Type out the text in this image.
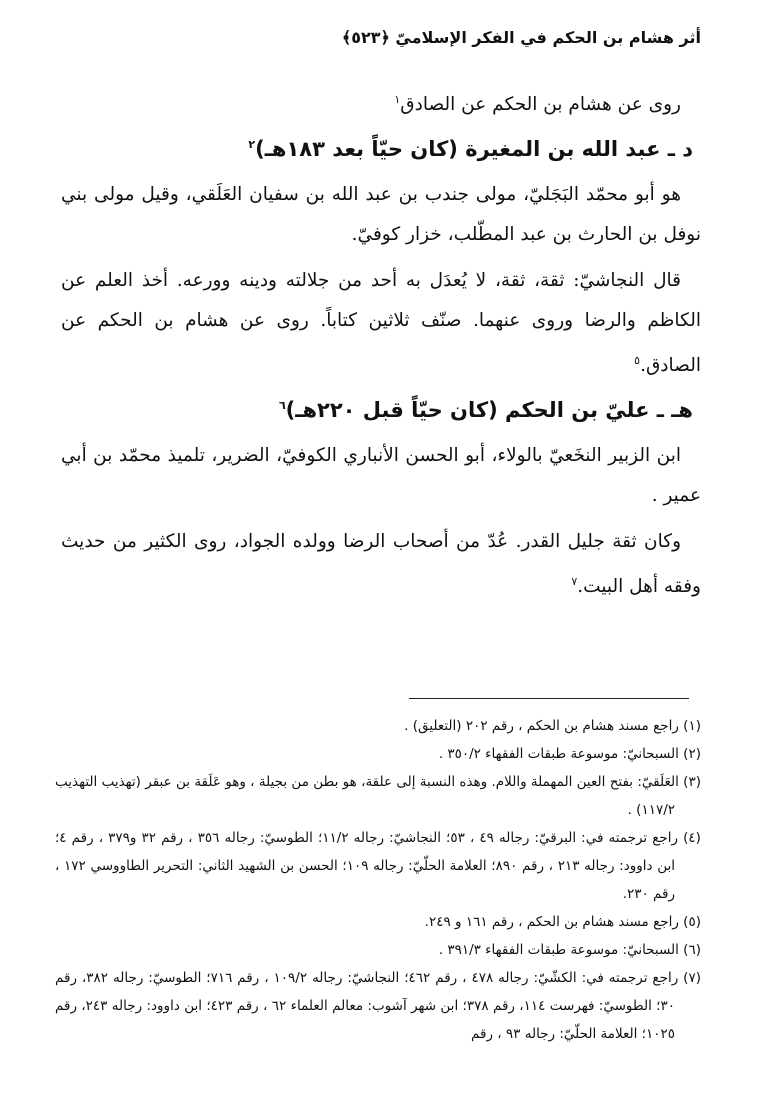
أثر هشام بن الحكم في الفكر الإسلاميّ ﴿٥٢٣﴾
روى عن هشام بن الحكم عن الصادق$^١$
د ـ عبد الله بن المغيرة (كان حيّاً بعد ١٨٣هـ)$^٢$
هو أبو محمّد البَجَليّ، مولى جندب بن عبد الله بن سفيان العَلَقي، وقيل مولى بني نوفل بن الحارث بن عبد المطّلب، خزار كوفيّ.
قال النجاشيّ: ثقة، ثقة، لا يُعدَل به أحد من جلالته ودينه وورعه. أخذ العلم عن الكاظم والرضا وروى عنهما. صنّف ثلاثين كتاباً. روى عن هشام بن الحكم عن الصادق.$^٥$
هـ ـ عليّ بن الحكم (كان حيّاً قبل ٢٢٠هـ)$^٦$
ابن الزبير النخَعيّ بالولاء، أبو الحسن الأنباري الكوفيّ، الضرير، تلميذ محمّد بن أبي عمير .
وكان ثقة جليل القدر. عُدّ من أصحاب الرضا وولده الجواد، روى الكثير من حديث وفقه أهل البيت.$^٧$
(١) راجع مسند هشام بن الحكم ، رقم ٢٠٢ (التعليق) .
(٢) السبحانيّ: موسوعة طبقات الفقهاء ٣٥٠/٢ .
(٣) العَلَقيّ: بفتح العين المهملة واللام. وهذه النسبة إلى علقة، هو بطن من بجيلة ، وهو عَلَقة بن عبقر (تهذيب التهذيب ١١٧/٢) .
(٤) راجع ترجمته في: البرقيّ: رجاله ٤٩ ، ٥٣؛ النجاشيّ: رجاله ١١/٢؛ الطوسيّ: رجاله ٣٥٦ ، رقم ٣٢ و٣٧٩ ، رقم ٤؛ ابن داوود: رجاله ٢١٣ ، رقم ٨٩٠؛ العلامة الحلّيّ: رجاله ١٠٩؛ الحسن بن الشهيد الثاني: التحرير الطاووسي ١٧٢ ، رقم ٢٣٠.
(٥) راجع مسند هشام بن الحكم ، رقم ١٦١ و ٢٤٩.
(٦) السبحانيّ: موسوعة طبقات الفقهاء ٣٩١/٣ .
(٧) راجع ترجمته في: الكشّيّ: رجاله ٤٧٨ ، رقم ٤٦٢؛ النجاشيّ: رجاله ١٠٩/٢ ، رقم ٧١٦؛ الطوسيّ: رجاله ٣٨٢، رقم ٣٠؛ الطوسيّ: فهرست ١١٤، رقم ٣٧٨؛ ابن شهر آشوب: معالم العلماء ٦٢ ، رقم ٤٢٣؛ ابن داوود: رجاله ٢٤٣، رقم ١٠٢٥؛ العلامة الحلّيّ: رجاله ٩٣ ، رقم
